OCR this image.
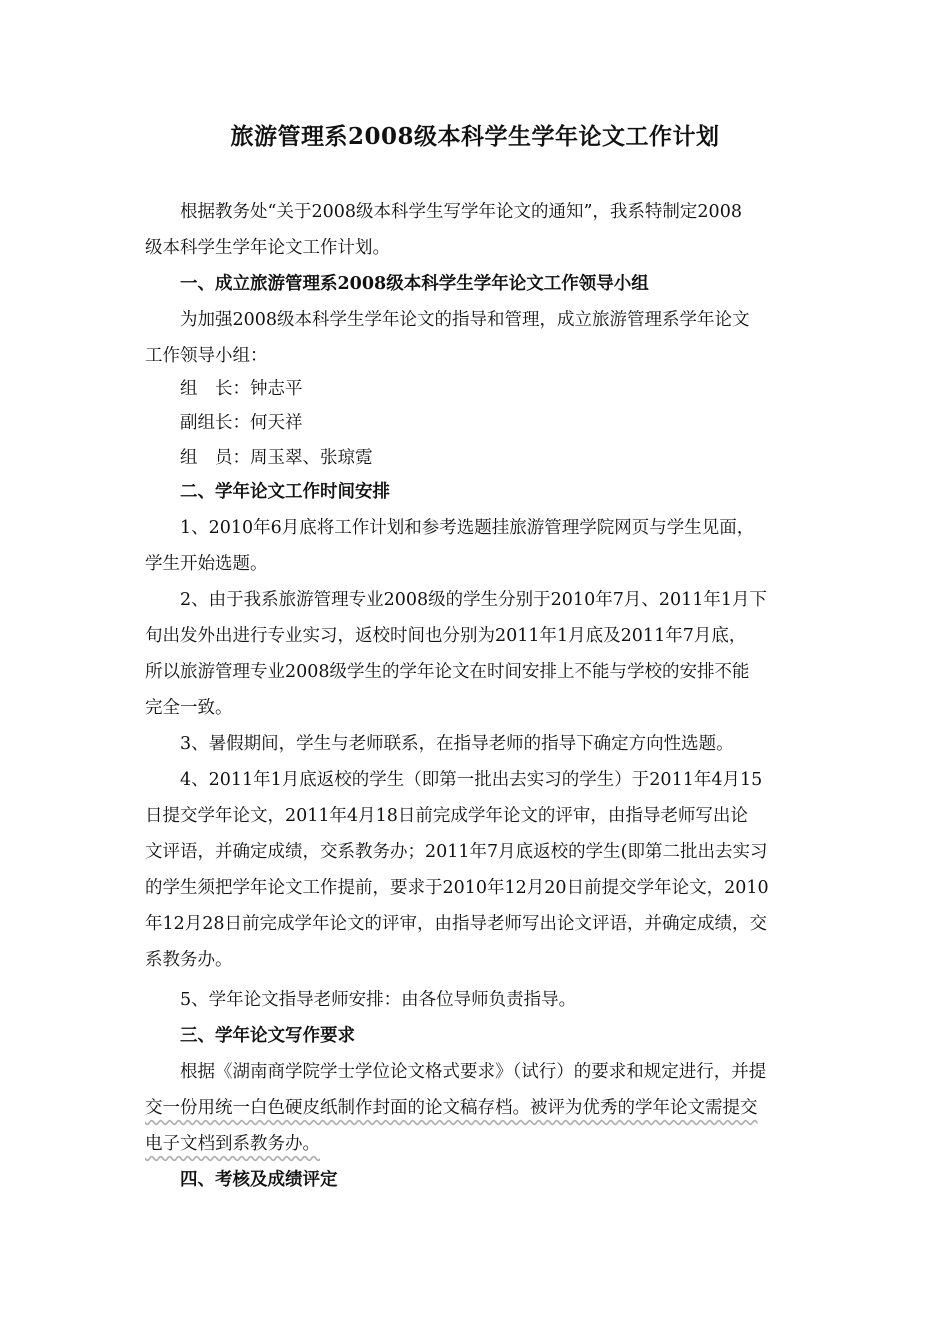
旅游管理系2008级本科学生学年论文工作计划
　　根据教务处“关于2008级本科学生写学年论文的通知”，我系特制定2008
级本科学生学年论文工作计划。
　　一、成立旅游管理系2008级本科学生学年论文工作领导小组
　　为加强2008级本科学生学年论文的指导和管理，成立旅游管理系学年论文
工作领导小组：
　　组　长：钟志平
　　副组长：何天祥
　　组　员：周玉翠、张琼霓
　　二、学年论文工作时间安排
　　1、2010年6月底将工作计划和参考选题挂旅游管理学院网页与学生见面，
学生开始选题。
　　2、由于我系旅游管理专业2008级的学生分别于2010年7月、2011年1月下
旬出发外出进行专业实习，返校时间也分别为2011年1月底及2011年7月底，
所以旅游管理专业2008级学生的学年论文在时间安排上不能与学校的安排不能
完全一致。
　　3、暑假期间，学生与老师联系，在指导老师的指导下确定方向性选题。
　　4、2011年1月底返校的学生（即第一批出去实习的学生）于2011年4月15
日提交学年论文，2011年4月18日前完成学年论文的评审，由指导老师写出论
文评语，并确定成绩，交系教务办；2011年7月底返校的学生(即第二批出去实习
的学生须把学年论文工作提前，要求于2010年12月20日前提交学年论文，2010
年12月28日前完成学年论文的评审，由指导老师写出论文评语，并确定成绩，交
系教务办。
　　5、学年论文指导老师安排：由各位导师负责指导。
　　三、学年论文写作要求
　　根据《湖南商学院学士学位论文格式要求》（试行）的要求和规定进行，并提
交一份用统一白色硬皮纸制作封面的论文稿存档。被评为优秀的学年论文需提交
电子文档到系教务办。
　　四、考核及成绩评定
